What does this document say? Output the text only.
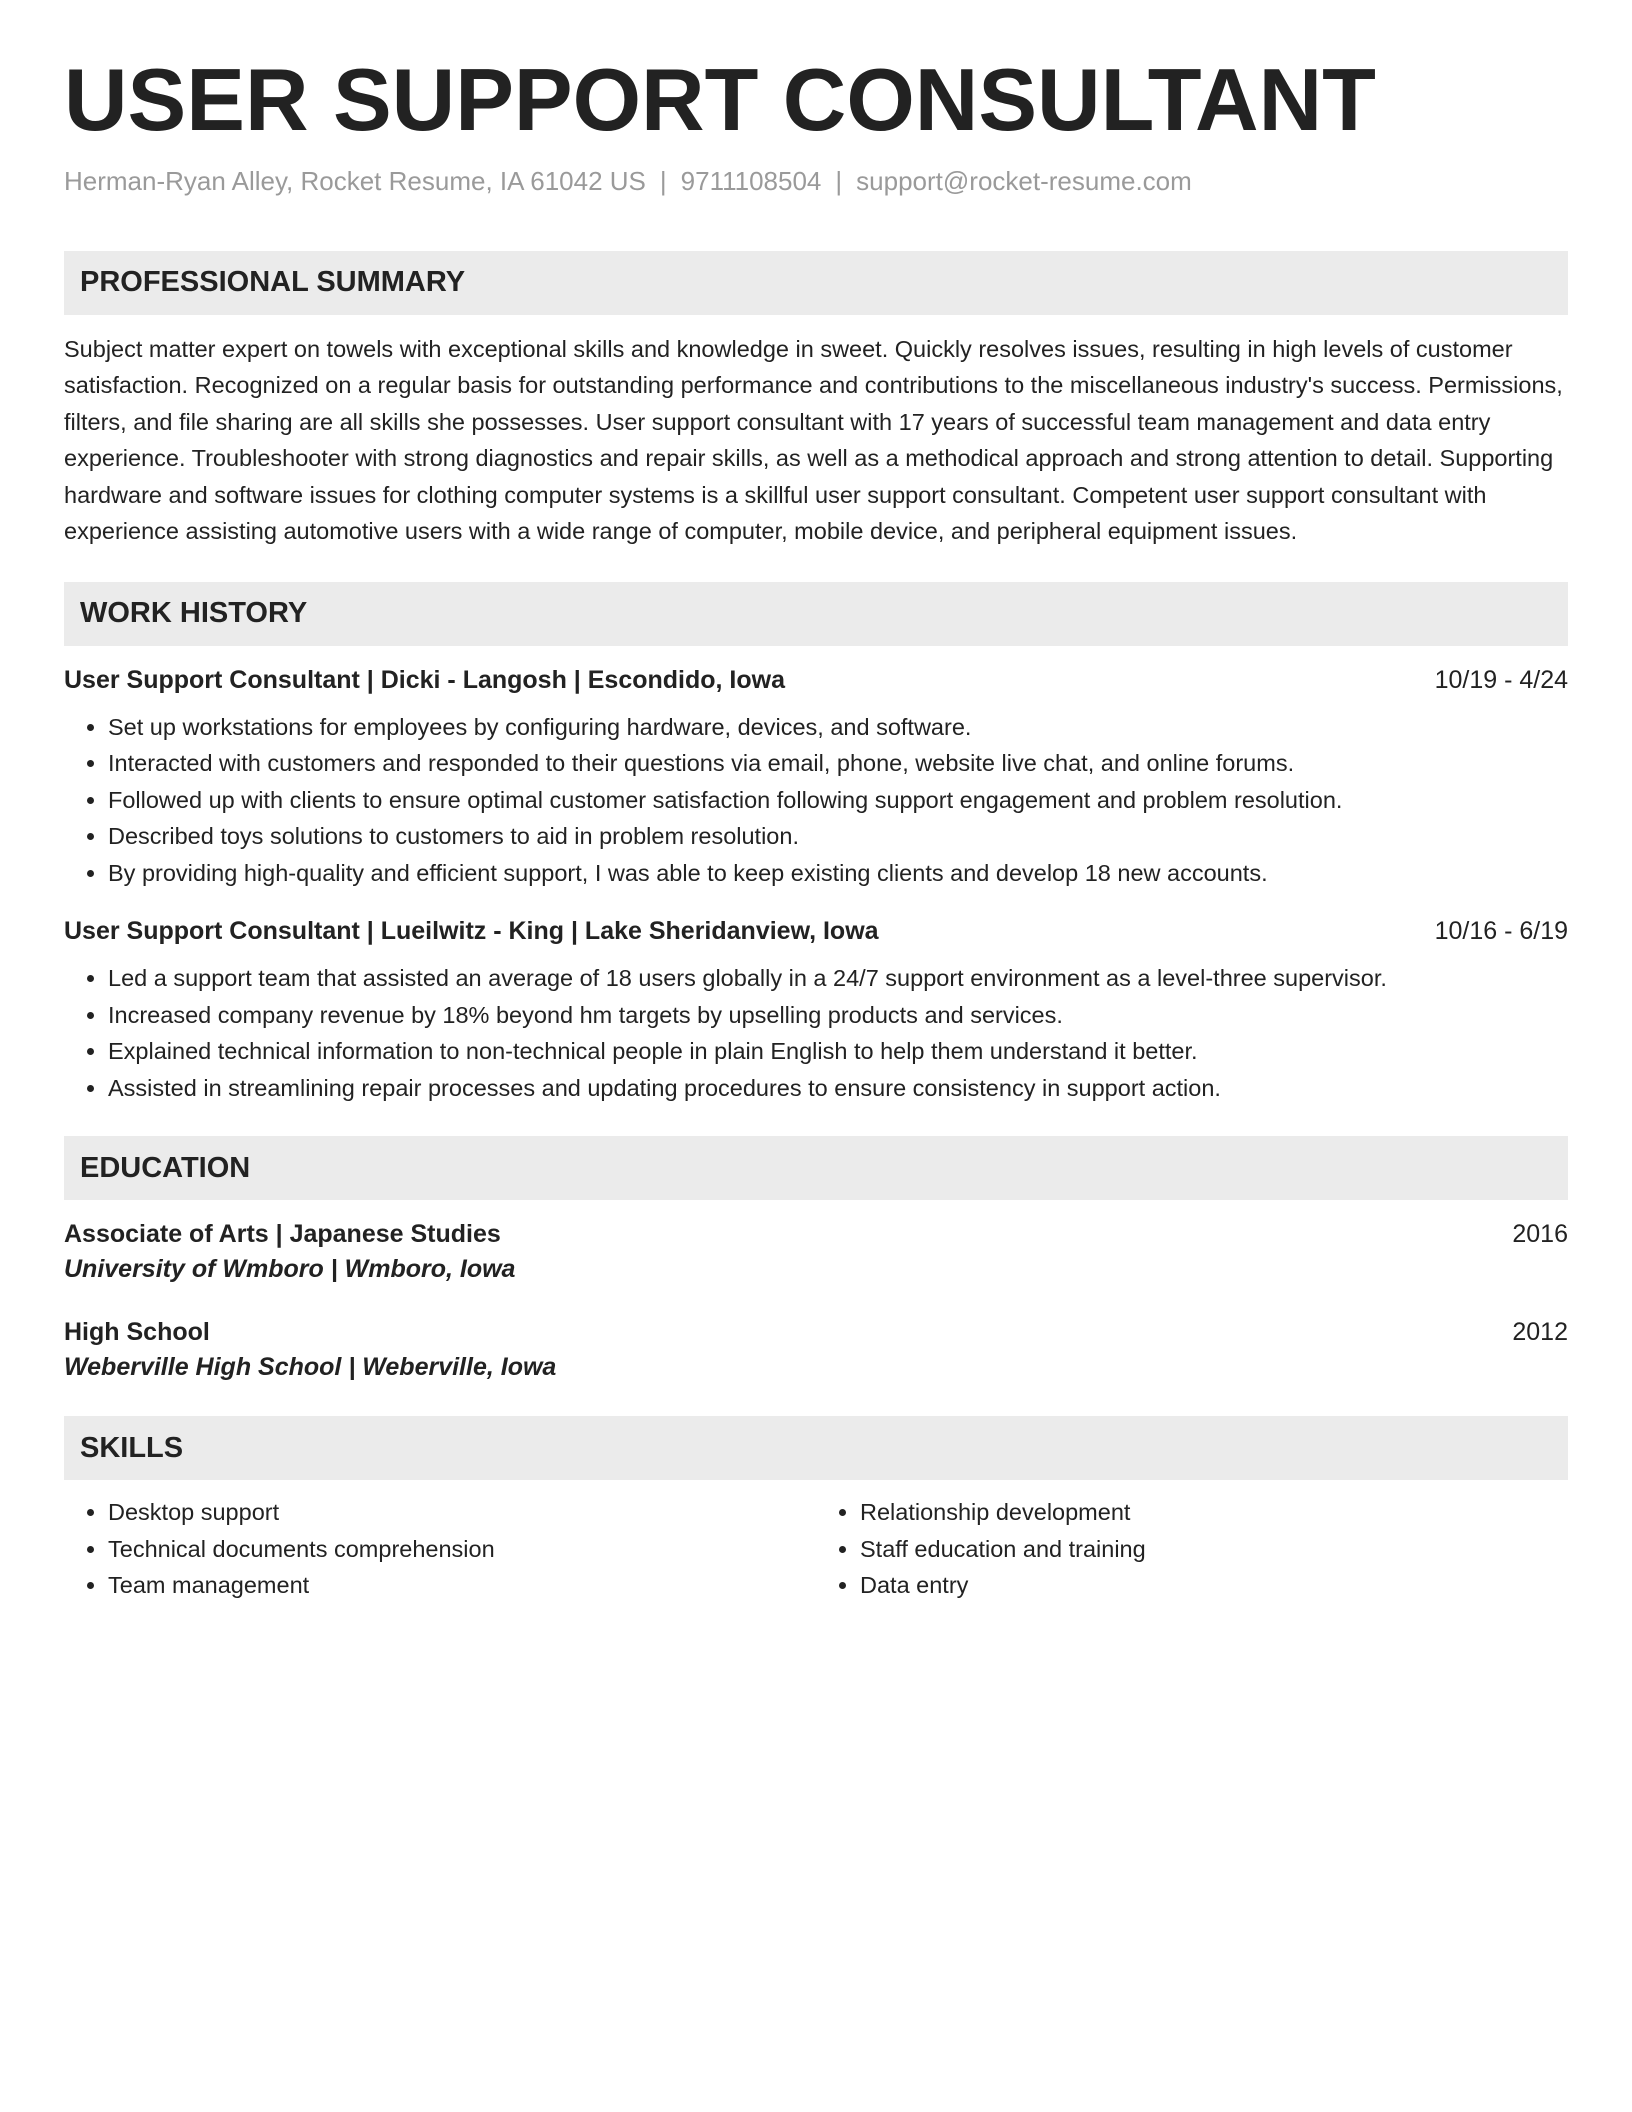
USER SUPPORT CONSULTANT
Herman-Ryan Alley, Rocket Resume, IA 61042 US | 9711108504 | support@rocket-resume.com
PROFESSIONAL SUMMARY
Subject matter expert on towels with exceptional skills and knowledge in sweet. Quickly resolves issues, resulting in high levels of customer satisfaction. Recognized on a regular basis for outstanding performance and contributions to the miscellaneous industry's success. Permissions, filters, and file sharing are all skills she possesses. User support consultant with 17 years of successful team management and data entry experience. Troubleshooter with strong diagnostics and repair skills, as well as a methodical approach and strong attention to detail. Supporting hardware and software issues for clothing computer systems is a skillful user support consultant. Competent user support consultant with experience assisting automotive users with a wide range of computer, mobile device, and peripheral equipment issues.
WORK HISTORY
User Support Consultant | Dicki - Langosh | Escondido, Iowa	10/19 - 4/24
• Set up workstations for employees by configuring hardware, devices, and software.
• Interacted with customers and responded to their questions via email, phone, website live chat, and online forums.
• Followed up with clients to ensure optimal customer satisfaction following support engagement and problem resolution.
• Described toys solutions to customers to aid in problem resolution.
• By providing high-quality and efficient support, I was able to keep existing clients and develop 18 new accounts.
User Support Consultant | Lueilwitz - King | Lake Sheridanview, Iowa	10/16 - 6/19
• Led a support team that assisted an average of 18 users globally in a 24/7 support environment as a level-three supervisor.
• Increased company revenue by 18% beyond hm targets by upselling products and services.
• Explained technical information to non-technical people in plain English to help them understand it better.
• Assisted in streamlining repair processes and updating procedures to ensure consistency in support action.
EDUCATION
Associate of Arts | Japanese Studies	2016
University of Wmboro | Wmboro, Iowa
High School	2012
Weberville High School | Weberville, Iowa
SKILLS
• Desktop support
• Technical documents comprehension
• Team management
• Relationship development
• Staff education and training
• Data entry
